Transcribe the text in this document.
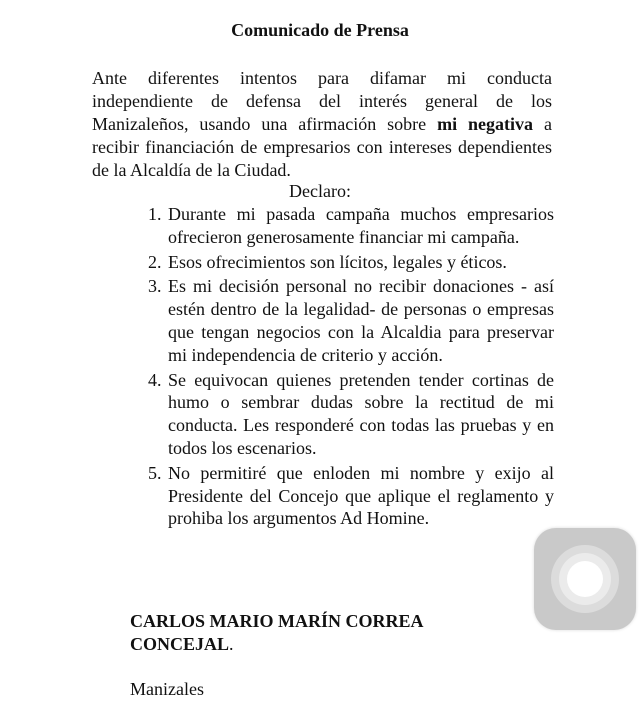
Comunicado de Prensa

Ante diferentes intentos para difamar mi conducta independiente de defensa del interés general de los Manizaleños, usando una afirmación sobre mi negativa a recibir financiación de empresarios con intereses dependientes de la Alcaldía de la Ciudad.

Declaro:

1. Durante mi pasada campaña muchos empresarios ofrecieron generosamente financiar mi campaña.
2. Esos ofrecimientos son lícitos, legales y éticos.
3. Es mi decisión personal no recibir donaciones - así estén dentro de la legalidad- de personas o empresas que tengan negocios con la Alcaldia para preservar mi independencia de criterio y acción.
4. Se equivocan quienes pretenden tender cortinas de humo o sembrar dudas sobre la rectitud de mi conducta. Les responderé con todas las pruebas y en todos los escenarios.
5. No permitiré que enloden mi nombre y exijo al Presidente del Concejo que aplique el reglamento y prohiba los argumentos Ad Homine.
CARLOS MARIO MARÍN CORREA
CONCEJAL.

Manizales
